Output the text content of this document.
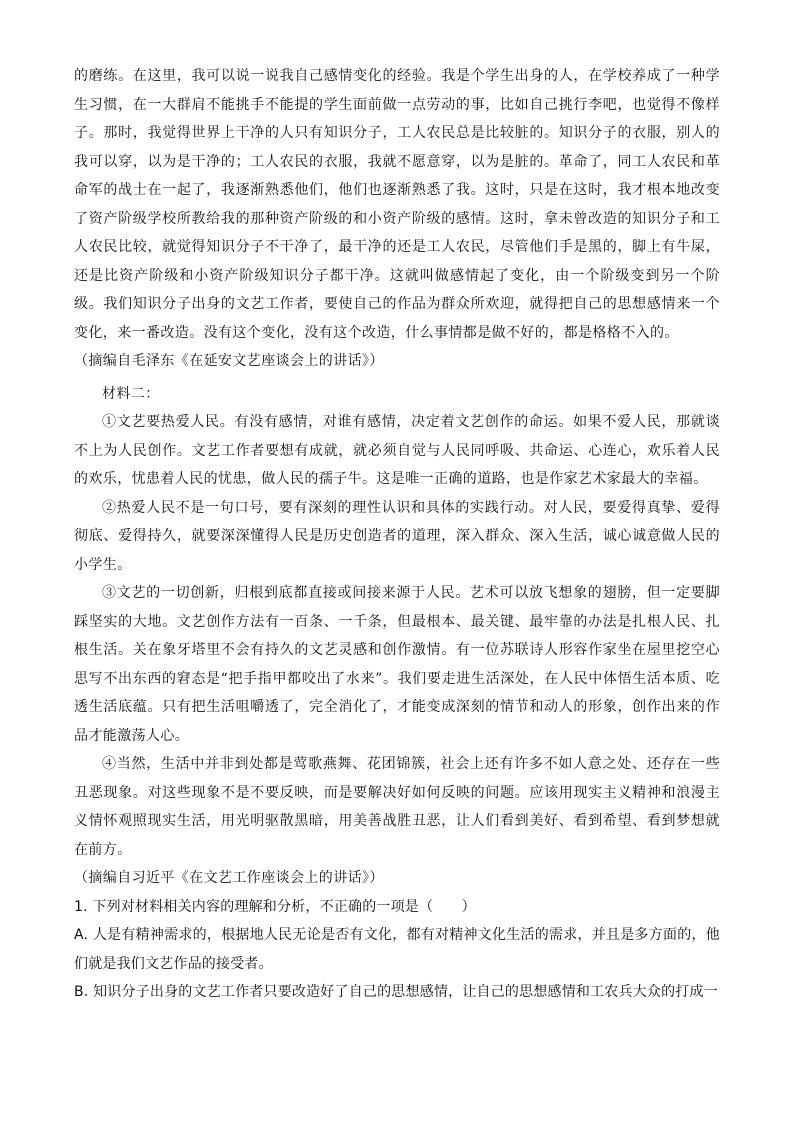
的磨练。在这里，我可以说一说我自己感情变化的经验。我是个学生出身的人，在学校养成了一种学生习惯，在一大群肩不能挑手不能提的学生面前做一点劳动的事，比如自己挑行李吧，也觉得不像样子。那时，我觉得世界上干净的人只有知识分子，工人农民总是比较脏的。知识分子的衣服，别人的我可以穿，以为是干净的；工人农民的衣服，我就不愿意穿，以为是脏的。革命了，同工人农民和革命军的战士在一起了，我逐渐熟悉他们，他们也逐渐熟悉了我。这时，只是在这时，我才根本地改变了资产阶级学校所教给我的那种资产阶级的和小资产阶级的感情。这时，拿未曾改造的知识分子和工人农民比较，就觉得知识分子不干净了，最干净的还是工人农民，尽管他们手是黑的，脚上有牛屎，还是比资产阶级和小资产阶级知识分子都干净。这就叫做感情起了变化，由一个阶级变到另一个阶级。我们知识分子出身的文艺工作者，要使自己的作品为群众所欢迎，就得把自己的思想感情来一个变化，来一番改造。没有这个变化，没有这个改造，什么事情都是做不好的，都是格格不入的。

（摘编自毛泽东《在延安文艺座谈会上的讲话》）

材料二：

①文艺要热爱人民。有没有感情，对谁有感情，决定着文艺创作的命运。如果不爱人民，那就谈不上为人民创作。文艺工作者要想有成就，就必须自觉与人民同呼吸、共命运、心连心，欢乐着人民的欢乐，忧患着人民的忧患，做人民的孺子牛。这是唯一正确的道路，也是作家艺术家最大的幸福。

②热爱人民不是一句口号，要有深刻的理性认识和具体的实践行动。对人民，要爱得真挚、爱得彻底、爱得持久，就要深深懂得人民是历史创造者的道理，深入群众、深入生活，诚心诚意做人民的小学生。

③文艺的一切创新，归根到底都直接或间接来源于人民。艺术可以放飞想象的翅膀，但一定要脚踩坚实的大地。文艺创作方法有一百条、一千条，但最根本、最关键、最牢靠的办法是扎根人民、扎根生活。关在象牙塔里不会有持久的文艺灵感和创作激情。有一位苏联诗人形容作家坐在屋里挖空心思写不出东西的窘态是“把手指甲都咬出了水来”。我们要走进生活深处，在人民中体悟生活本质、吃透生活底蕴。只有把生活咀嚼透了，完全消化了，才能变成深刻的情节和动人的形象，创作出来的作品才能激荡人心。

④当然，生活中并非到处都是莺歌燕舞、花团锦簇，社会上还有许多不如人意之处、还存在一些丑恶现象。对这些现象不是不要反映，而是要解决好如何反映的问题。应该用现实主义精神和浪漫主义情怀观照现实生活，用光明驱散黑暗，用美善战胜丑恶，让人们看到美好、看到希望、看到梦想就在前方。

（摘编自习近平《在文艺工作座谈会上的讲话》）

1. 下列对材料相关内容的理解和分析，不正确的一项是（　　）

A. 人是有精神需求的，根据地人民无论是否有文化，都有对精神文化生活的需求，并且是多方面的，他们就是我们文艺作品的接受者。

B. 知识分子出身的文艺工作者只要改造好了自己的思想感情，让自己的思想感情和工农兵大众的打成一
